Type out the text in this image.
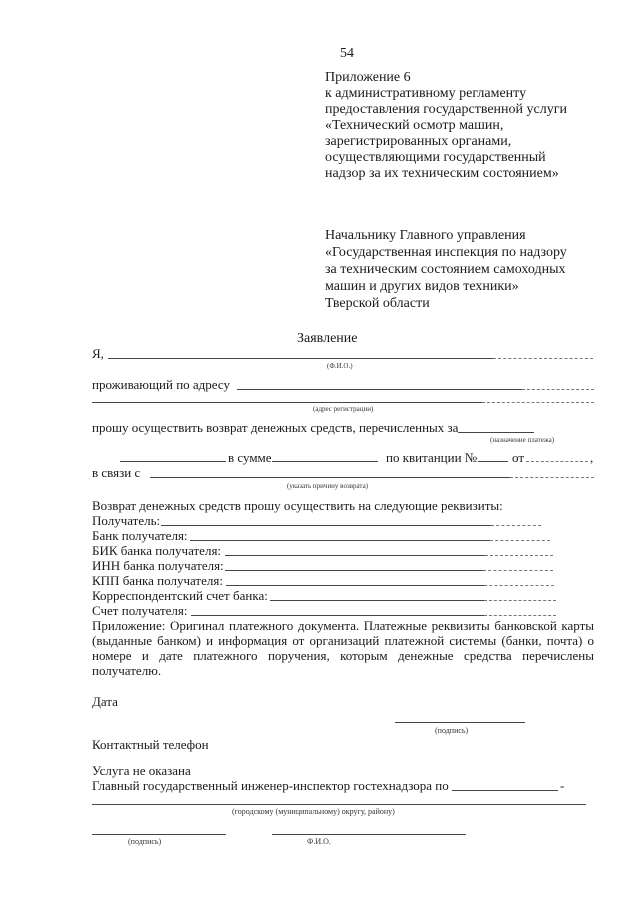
54
Приложение 6
к административному регламенту
предоставления государственной услуги
«Технический осмотр машин,
зарегистрированных органами,
осуществляющими государственный
надзор за их техническим состоянием»
Начальнику Главного управления
«Государственная инспекция по надзору
за техническим состоянием самоходных
машин и других видов техники»
Тверской области
Заявление
Я,
(Ф.И.О.)
проживающий по адресу
(адрес регистрации)
прошу осуществить возврат денежных средств, перечисленных за
(назначение платежа)
в сумме	по квитанции №	от	,
в связи с
(указать причину возврата)
Возврат денежных средств прошу осуществить на следующие реквизиты:
Получатель:
Банк получателя:
БИК банка получателя:
ИНН банка получателя:
КПП банка получателя:
Корреспондентский счет банка:
Счет получателя:
Приложение: Оригинал платежного документа. Платежные реквизиты банковской карты (выданные банком) и информация от организаций платежной системы (банки, почта) о номере и дате платежного поручения, которым денежные средства перечислены получателю.
Дата
(подпись)
Контактный телефон
Услуга не оказана
Главный государственный инженер-инспектор гостехнадзора по	-
(городскому (муниципальному) округу, району)
(подпись)	Ф.И.О.
